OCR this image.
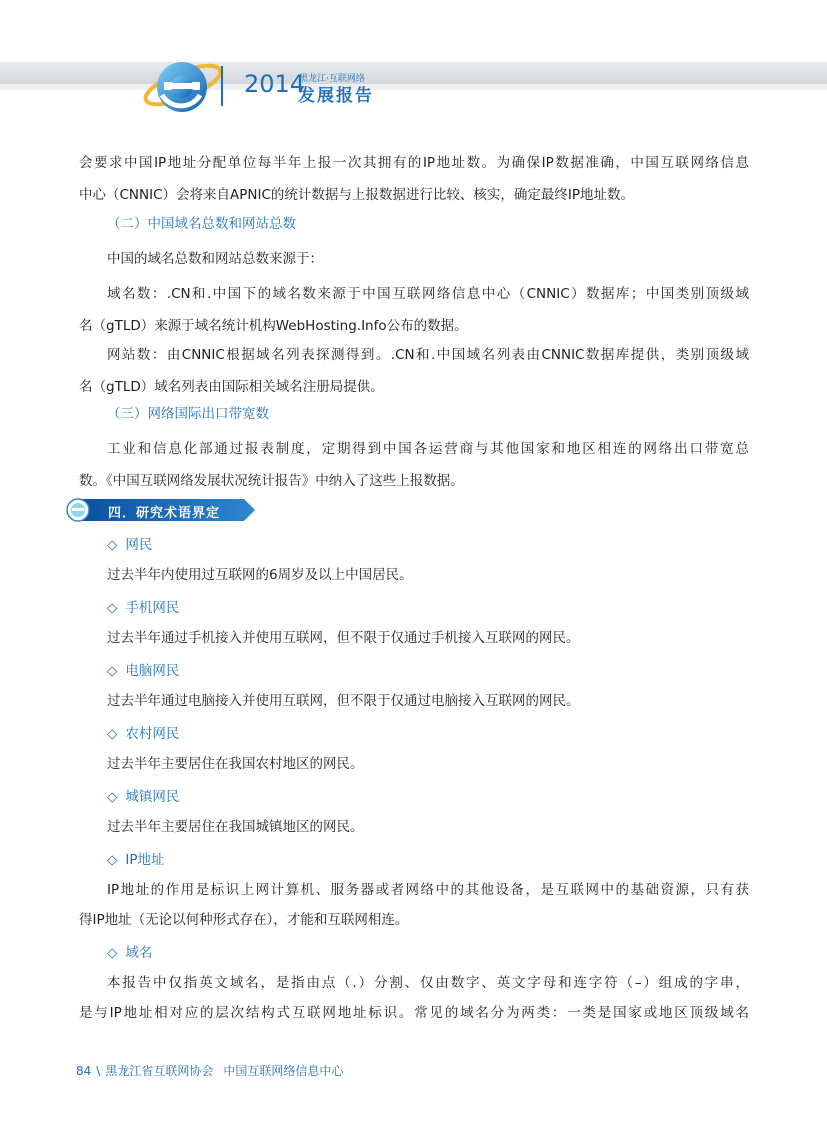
2014
黑龙江·互联网络
发展报告
会要求中国IP地址分配单位每半年上报一次其拥有的IP地址数。为确保IP数据准确，中国互联网络信息
中心（CNNIC）会将来自APNIC的统计数据与上报数据进行比较、核实，确定最终IP地址数。
（二）中国域名总数和网站总数
中国的域名总数和网站总数来源于：
域名数：.CN和.中国下的域名数来源于中国互联网络信息中心（CNNIC）数据库；中国类别顶级域
名（gTLD）来源于域名统计机构WebHosting.Info公布的数据。
网站数：由CNNIC根据域名列表探测得到。.CN和.中国域名列表由CNNIC数据库提供，类别顶级域
名（gTLD）域名列表由国际相关域名注册局提供。
（三）网络国际出口带宽数
工业和信息化部通过报表制度，定期得到中国各运营商与其他国家和地区相连的网络出口带宽总
数。《中国互联网络发展状况统计报告》中纳入了这些上报数据。
四．研究术语界定
◇ 网民
过去半年内使用过互联网的6周岁及以上中国居民。
◇ 手机网民
过去半年通过手机接入并使用互联网，但不限于仅通过手机接入互联网的网民。
◇ 电脑网民
过去半年通过电脑接入并使用互联网，但不限于仅通过电脑接入互联网的网民。
◇ 农村网民
过去半年主要居住在我国农村地区的网民。
◇ 城镇网民
过去半年主要居住在我国城镇地区的网民。
◇ IP地址
IP地址的作用是标识上网计算机、服务器或者网络中的其他设备，是互联网中的基础资源，只有获
得IP地址（无论以何种形式存在），才能和互联网相连。
◇ 域名
本报告中仅指英文域名，是指由点（.）分割、仅由数字、英文字母和连字符（–）组成的字串，
是与IP地址相对应的层次结构式互联网地址标识。常见的域名分为两类：一类是国家或地区顶级域名
84 \ 黑龙江省互联网协会 中国互联网络信息中心
